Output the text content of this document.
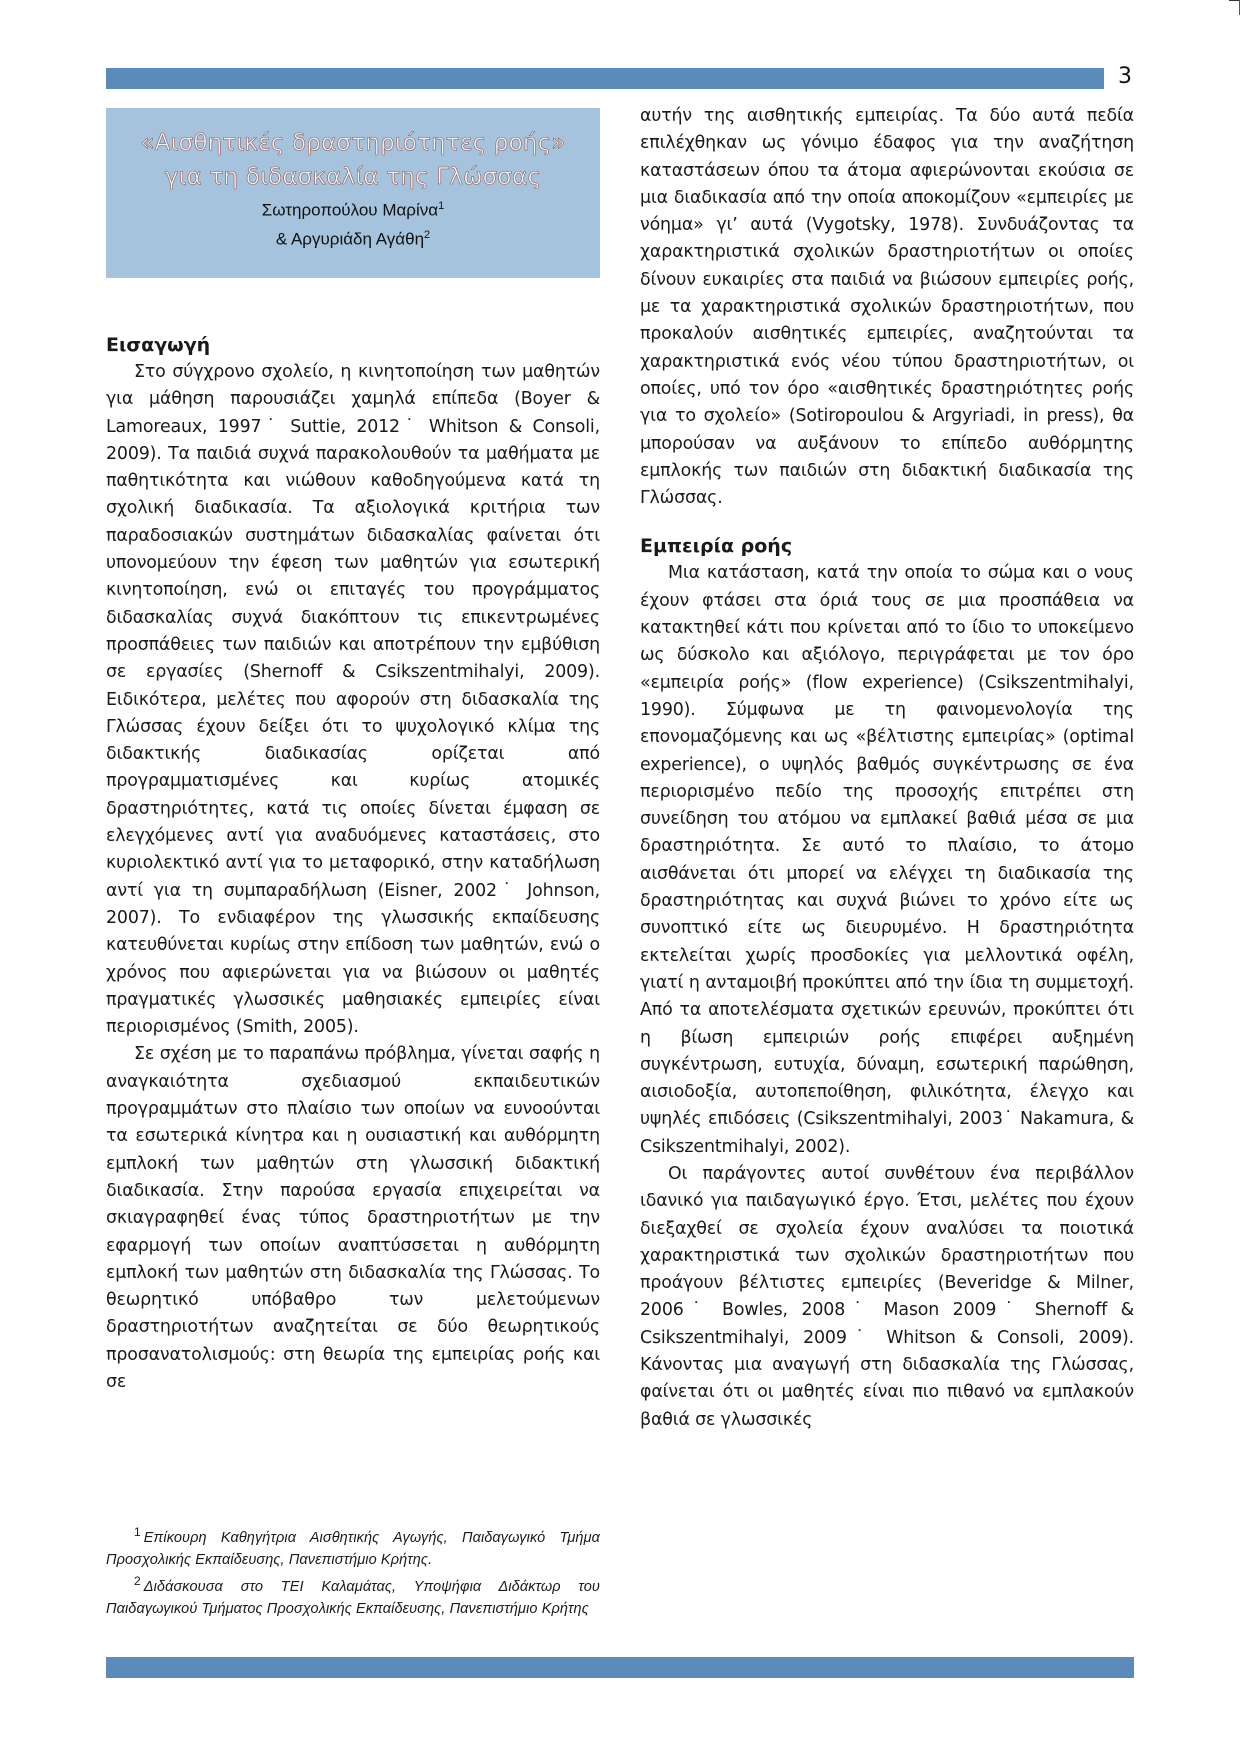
3
«Αισθητικές δραστηριότητες ροής»
για τη διδασκαλία της Γλώσσας
Σωτηροπούλου Μαρίνα$^1$
& Αργυριάδη Αγάθη$^2$
Εισαγωγή

Στο σύγχρονο σχολείο, η κινητοποίηση των μαθητών για μάθηση παρουσιάζει χαμηλά επίπεδα (Boyer & Lamoreaux, 1997˙ Suttie, 2012˙ Whitson & Consoli, 2009). Τα παιδιά συχνά παρακολουθούν τα μαθήματα με παθητικότητα και νιώθουν καθοδηγούμενα κατά τη σχολική διαδικασία. Τα αξιολογικά κριτήρια των παραδοσιακών συστημάτων διδασκαλίας φαίνεται ότι υπονομεύουν την έφεση των μαθητών για εσωτερική κινητοποίηση, ενώ οι επιταγές του προγράμματος διδασκαλίας συχνά διακόπτουν τις επικεντρωμένες προσπάθειες των παιδιών και αποτρέπουν την εμβύθιση σε εργασίες (Shernoff & Csikszentmihalyi, 2009). Ειδικότερα, μελέτες που αφορούν στη διδασκαλία της Γλώσσας έχουν δείξει ότι το ψυχολογικό κλίμα της διδακτικής διαδικασίας ορίζεται από προγραμματισμένες και κυρίως ατομικές δραστηριότητες, κατά τις οποίες δίνεται έμφαση σε ελεγχόμενες αντί για αναδυόμενες καταστάσεις, στο κυριολεκτικό αντί για το μεταφορικό, στην καταδήλωση αντί για τη συμπαραδήλωση (Eisner, 2002˙ Johnson, 2007). Το ενδιαφέρον της γλωσσικής εκπαίδευσης κατευθύνεται κυρίως στην επίδοση των μαθητών, ενώ ο χρόνος που αφιερώνεται για να βιώσουν οι μαθητές πραγματικές γλωσσικές μαθησιακές εμπειρίες είναι περιορισμένος (Smith, 2005).

Σε σχέση με το παραπάνω πρόβλημα, γίνεται σαφής η αναγκαιότητα σχεδιασμού εκπαιδευτικών προγραμμάτων στο πλαίσιο των οποίων να ευνοούνται τα εσωτερικά κίνητρα και η ουσιαστική και αυθόρμητη εμπλοκή των μαθητών στη γλωσσική διδακτική διαδικασία. Στην παρούσα εργασία επιχειρείται να σκιαγραφηθεί ένας τύπος δραστηριοτήτων με την εφαρμογή των οποίων αναπτύσσεται η αυθόρμητη εμπλοκή των μαθητών στη διδασκαλία της Γλώσσας. Το θεωρητικό υπόβαθρο των μελετούμενων δραστηριοτήτων αναζητείται σε δύο θεωρητικούς προσανατολισμούς: στη θεωρία της εμπειρίας ροής και σε

$^1$ Επίκουρη Καθηγήτρια Αισθητικής Αγωγής, Παιδαγωγικό Τμήμα Προσχολικής Εκπαίδευσης, Πανεπιστήμιο Κρήτης.

$^2$ Διδάσκουσα στο ΤΕΙ Καλαμάτας, Υποψήφια Διδάκτωρ του Παιδαγωγικού Τμήματος Προσχολικής Εκπαίδευσης, Πανεπιστήμιο Κρήτης

αυτήν της αισθητικής εμπειρίας. Τα δύο αυτά πεδία επιλέχθηκαν ως γόνιμο έδαφος για την αναζήτηση καταστάσεων όπου τα άτομα αφιερώνονται εκούσια σε μια διαδικασία από την οποία αποκομίζουν «εμπειρίες με νόημα» γι’ αυτά (Vygotsky, 1978). Συνδυάζοντας τα χαρακτηριστικά σχολικών δραστηριοτήτων οι οποίες δίνουν ευκαιρίες στα παιδιά να βιώσουν εμπειρίες ροής, με τα χαρακτηριστικά σχολικών δραστηριοτήτων, που προκαλούν αισθητικές εμπειρίες, αναζητούνται τα χαρακτηριστικά ενός νέου τύπου δραστηριοτήτων, οι οποίες, υπό τον όρο «αισθητικές δραστηριότητες ροής για το σχολείο» (Sotiropoulou & Argyriadi, in press), θα μπορούσαν να αυξάνουν το επίπεδο αυθόρμητης εμπλοκής των παιδιών στη διδακτική διαδικασία της Γλώσσας.

Εμπειρία ροής

Μια κατάσταση, κατά την οποία το σώμα και ο νους έχουν φτάσει στα όριά τους σε μια προσπάθεια να κατακτηθεί κάτι που κρίνεται από το ίδιο το υποκείμενο ως δύσκολο και αξιόλογο, περιγράφεται με τον όρο «εμπειρία ροής» (flow experience) (Csikszentmihalyi, 1990). Σύμφωνα με τη φαινομενολογία της επονομαζόμενης και ως «βέλτιστης εμπειρίας» (optimal experience), ο υψηλός βαθμός συγκέντρωσης σε ένα περιορισμένο πεδίο της προσοχής επιτρέπει στη συνείδηση του ατόμου να εμπλακεί βαθιά μέσα σε μια δραστηριότητα. Σε αυτό το πλαίσιο, το άτομο αισθάνεται ότι μπορεί να ελέγχει τη διαδικασία της δραστηριότητας και συχνά βιώνει το χρόνο είτε ως συνοπτικό είτε ως διευρυμένο. Η δραστηριότητα εκτελείται χωρίς προσδοκίες για μελλοντικά οφέλη, γιατί η ανταμοιβή προκύπτει από την ίδια τη συμμετοχή. Από τα αποτελέσματα σχετικών ερευνών, προκύπτει ότι η βίωση εμπειριών ροής επιφέρει αυξημένη συγκέντρωση, ευτυχία, δύναμη, εσωτερική παρώθηση, αισιοδοξία, αυτοπεποίθηση, φιλικότητα, έλεγχο και υψηλές επιδόσεις (Csikszentmihalyi, 2003˙ Nakamura, & Csikszentmihalyi, 2002).

Οι παράγοντες αυτοί συνθέτουν ένα περιβάλλον ιδανικό για παιδαγωγικό έργο. Έτσι, μελέτες που έχουν διεξαχθεί σε σχολεία έχουν αναλύσει τα ποιοτικά χαρακτηριστικά των σχολικών δραστηριοτήτων που προάγουν βέλτιστες εμπειρίες (Beveridge & Milner, 2006˙ Bowles, 2008˙ Mason 2009˙ Shernoff & Csikszentmihalyi, 2009˙ Whitson & Consoli, 2009). Κάνοντας μια αναγωγή στη διδασκαλία της Γλώσσας, φαίνεται ότι οι μαθητές είναι πιο πιθανό να εμπλακούν βαθιά σε γλωσσικές
